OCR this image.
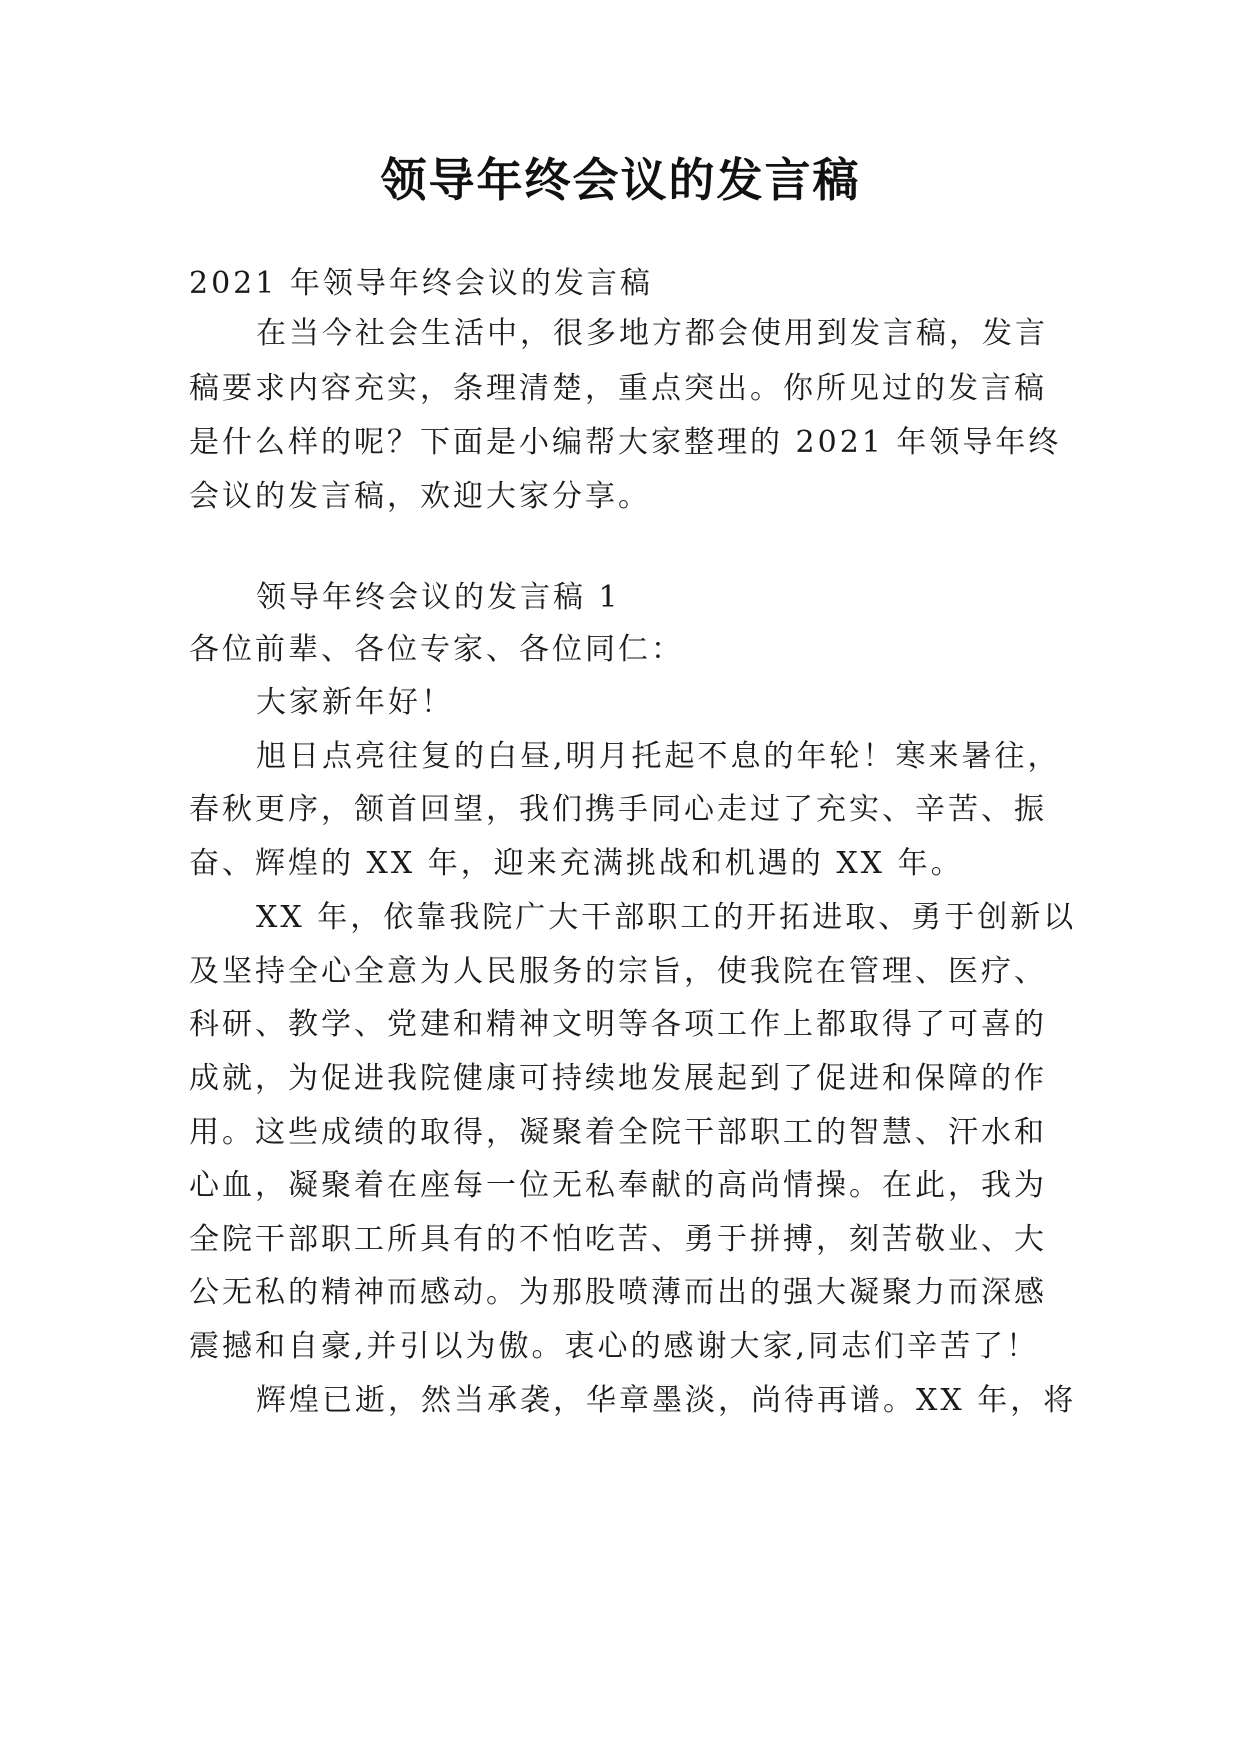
领导年终会议的发言稿
2021 年领导年终会议的发言稿
在当今社会生活中，很多地方都会使用到发言稿，发言
稿要求内容充实，条理清楚，重点突出。你所见过的发言稿
是什么样的呢？下面是小编帮大家整理的 2021 年领导年终
会议的发言稿，欢迎大家分享。
领导年终会议的发言稿 1
各位前辈、各位专家、各位同仁：
大家新年好！
旭日点亮往复的白昼,明月托起不息的年轮！寒来暑往，
春秋更序，颔首回望，我们携手同心走过了充实、辛苦、振
奋、辉煌的 XX 年，迎来充满挑战和机遇的 XX 年。
XX 年，依靠我院广大干部职工的开拓进取、勇于创新以
及坚持全心全意为人民服务的宗旨，使我院在管理、医疗、
科研、教学、党建和精神文明等各项工作上都取得了可喜的
成就，为促进我院健康可持续地发展起到了促进和保障的作
用。这些成绩的取得，凝聚着全院干部职工的智慧、汗水和
心血，凝聚着在座每一位无私奉献的高尚情操。在此，我为
全院干部职工所具有的不怕吃苦、勇于拼搏，刻苦敬业、大
公无私的精神而感动。为那股喷薄而出的强大凝聚力而深感
震撼和自豪,并引以为傲。衷心的感谢大家,同志们辛苦了！
辉煌已逝，然当承袭，华章墨淡，尚待再谱。XX 年，将
